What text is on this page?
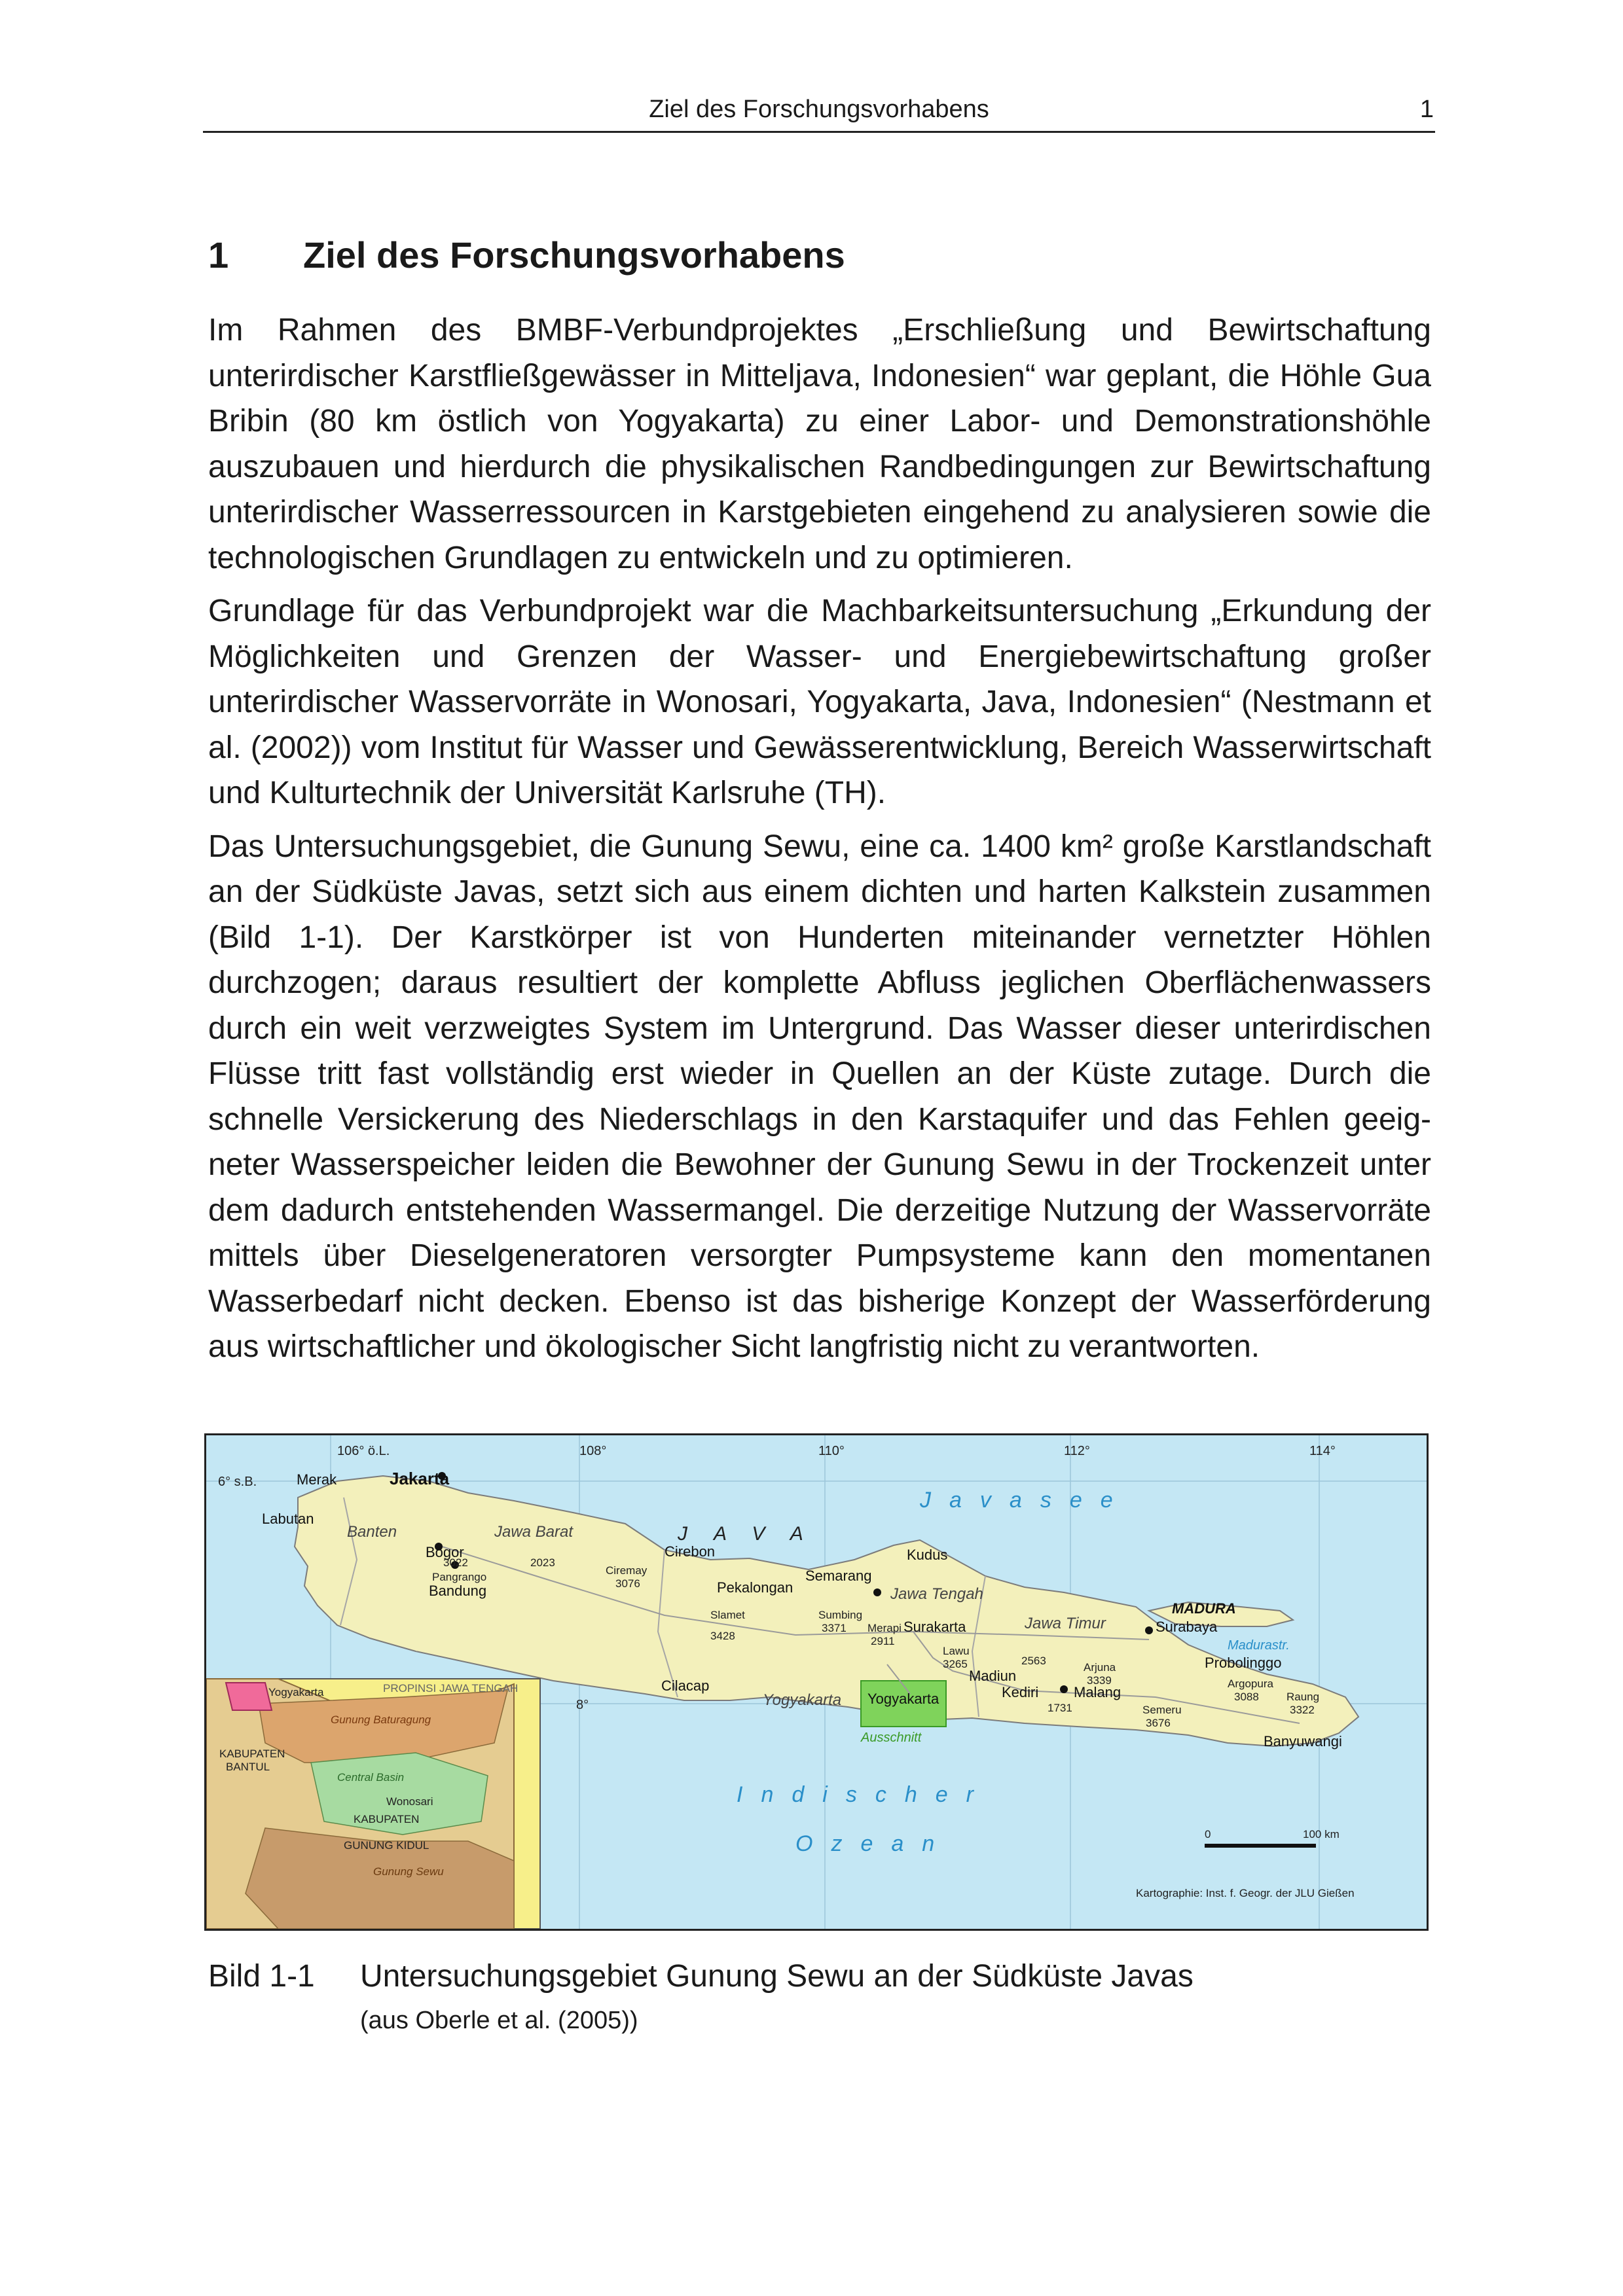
Ziel des Forschungsvorhabens	1
1 Ziel des Forschungsvorhabens

Im Rahmen des BMBF-Verbundprojektes „Erschließung und Bewirtschaftung unterirdischer Karstfließgewässer in Mitteljava, Indonesien“ war geplant, die Höhle Gua Bribin (80 km östlich von Yogyakarta) zu einer Labor- und Demonstrationshöhle auszubauen und hierdurch die physikalischen Randbedingungen zur Bewirtschaftung unterirdischer Wasserressourcen in Karstgebieten eingehend zu analysieren sowie die technologischen Grundlagen zu entwickeln und zu optimieren.

Grundlage für das Verbundprojekt war die Machbarkeitsuntersuchung „Erkundung der Möglichkeiten und Grenzen der Wasser- und Energiebewirtschaftung großer unterirdischer Wasservorräte in Wonosari, Yogyakarta, Java, Indonesien“ (Nestmann et al. (2002)) vom Institut für Wasser und Gewässerentwicklung, Bereich Wasserwirtschaft und Kulturtechnik der Universität Karlsruhe (TH).

Das Untersuchungsgebiet, die Gunung Sewu, eine ca. 1400 km² große Karstlandschaft an der Südküste Javas, setzt sich aus einem dichten und harten Kalkstein zusammen (Bild 1-1). Der Karstkörper ist von Hunderten miteinander vernetzter Höhlen durchzogen; daraus resultiert der komplette Abfluss jeglichen Oberflächenwassers durch ein weit verzweigtes System im Untergrund. Das Wasser dieser unterirdischen Flüsse tritt fast vollständig erst wieder in Quellen an der Küste zutage. Durch die schnelle Versickerung des Niederschlags in den Karstaquifer und das Fehlen geeigneter Wasserspeicher leiden die Bewohner der Gunung Sewu in der Trockenzeit unter dem dadurch entstehenden Wassermangel. Die derzeitige Nutzung der Wasservorräte mittels über Dieselgeneratoren versorgter Pumpsysteme kann den momentanen Wasserbedarf nicht decken. Ebenso ist das bisherige Konzept der Wasserförderung aus wirtschaftlicher und ökologischer Sicht langfristig nicht zu verantworten.

106° ö.L.	108°	110°	112°	114°
6° s.B.
8°
Javasee
Indischer
Ozean
Madurastr.
JAVA
Banten	Jawa Barat
Jawa Tengah
Jawa Timur
Yogyakarta
Merak	Jakarta
Labutan
Bogor
Bandung
Cirebon
Pekalongan
Semarang
Kudus
Surakarta
Madiun
Kediri Malang
Surabaya
Probolinggo
Banyuwangi
Cilacap
Yogyakarta
MADURA
3022
Pangrango
2023
Ciremay
3076
Slamet
3428
Sumbing
3371 Merapi
2911
Lawu
3265	2563
Arjuna
3339
1731	Semeru
3676
Argopura
3088 Raung
3322
Ausschnitt
Yogyakarta	PROPINSI JAWA TENGAH
Gunung Baturagung
KABUPATEN
BANTUL
Central Basin
Wonosari
KABUPATEN
GUNUNG KIDUL
Gunung Sewu
0	100 km
Kartographie: Inst. f. Geogr. der JLU Gießen
Bild 1-1 Untersuchungsgebiet Gunung Sewu an der Südküste Javas
(aus Oberle et al. (2005))
